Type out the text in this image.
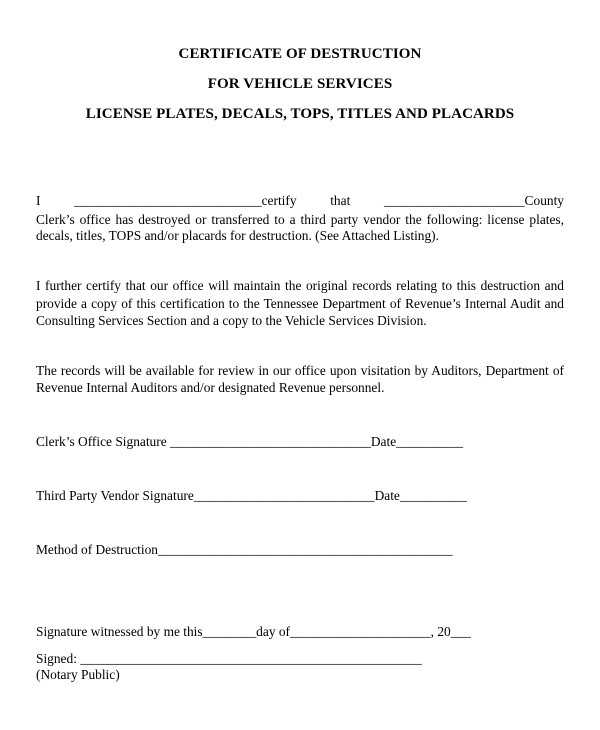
CERTIFICATE OF DESTRUCTION
FOR VEHICLE SERVICES
LICENSE PLATES, DECALS, TOPS, TITLES AND PLACARDS
I ____________________________certify that _____________________County
Clerk’s office has destroyed or transferred to a third party vendor the following: license plates,
decals, titles, TOPS and/or placards for destruction. (See Attached Listing).
I further certify that our office will maintain the original records relating to this destruction and
provide a copy of this certification to the Tennessee Department of Revenue’s Internal Audit and
Consulting Services Section and a copy to the Vehicle Services Division.
The records will be available for review in our office upon visitation by Auditors, Department of
Revenue Internal Auditors and/or designated Revenue personnel.
Clerk’s Office Signature ______________________________Date__________
Third Party Vendor Signature___________________________Date__________
Method of Destruction____________________________________________
Signature witnessed by me this________day of_____________________, 20___
Signed: ___________________________________________________
(Notary Public)
